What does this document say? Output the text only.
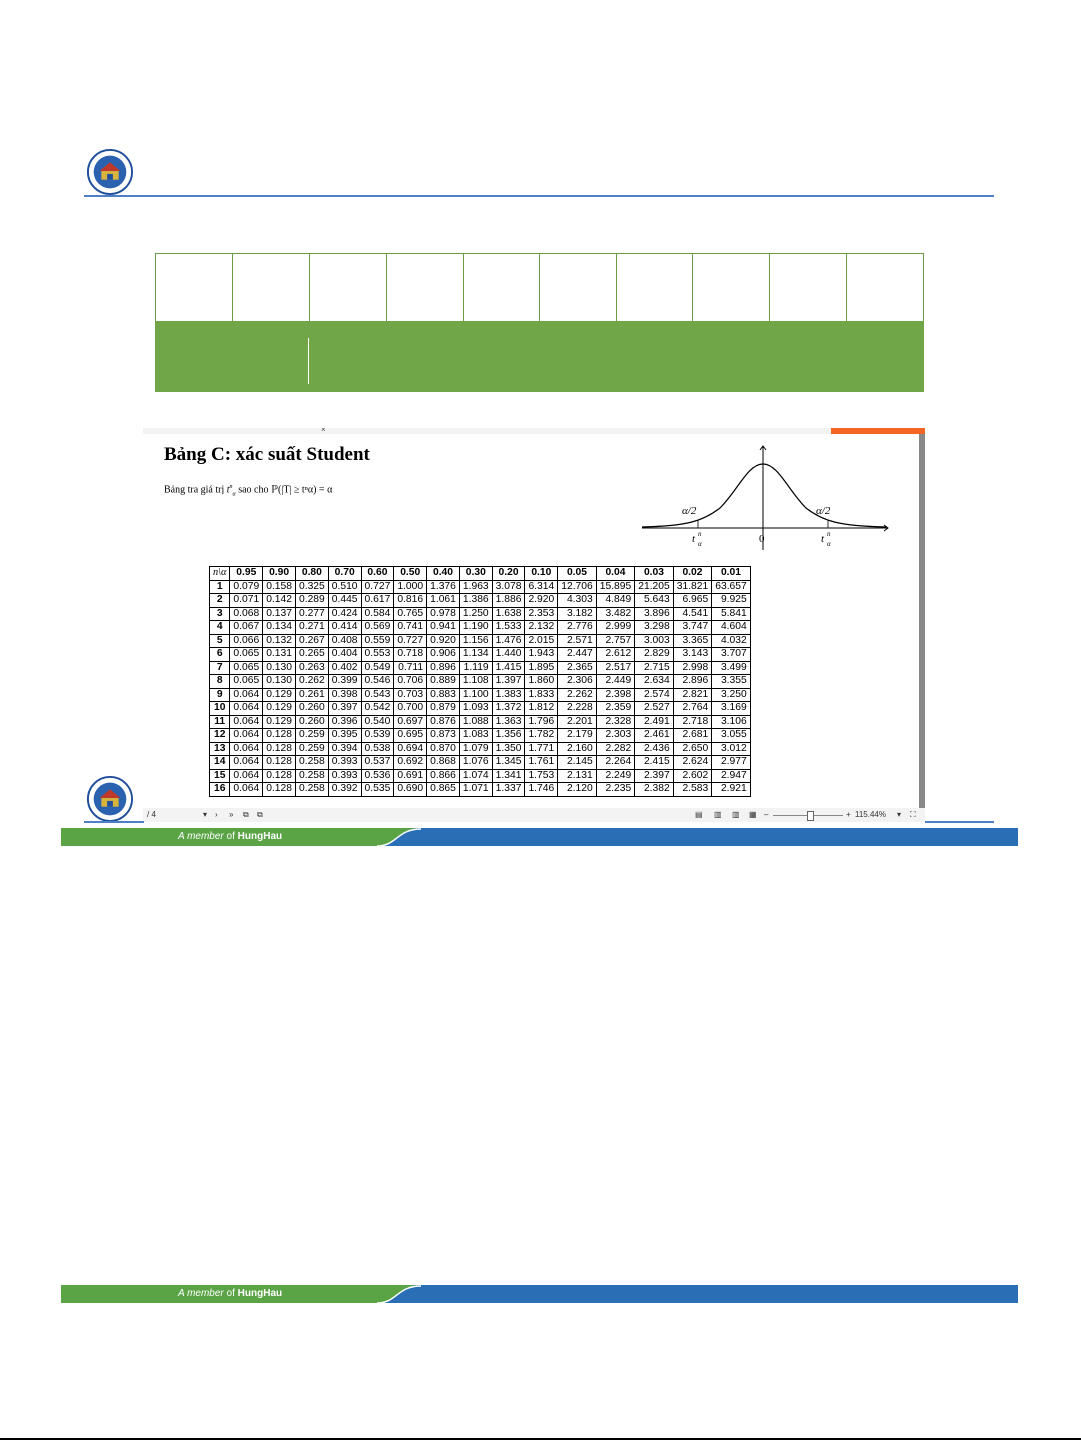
×
Bảng C: xác suất Student
Bảng tra giá trị $t^n_\alpha$ sao cho ℙ(|T| ≥ tⁿα) = α
α/2	α/2
t n
α	0	t n
α
n\α	0.95	0.90	0.80	0.70	0.60	0.50	0.40	0.30	0.20	0.10	0.05	0.04	0.03	0.02	0.01
1	0.079	0.158	0.325	0.510	0.727	1.000	1.376	1.963	3.078	6.314	12.706	15.895	21.205	31.821	63.657
2	0.071	0.142	0.289	0.445	0.617	0.816	1.061	1.386	1.886	2.920	4.303	4.849	5.643	6.965	9.925
3	0.068	0.137	0.277	0.424	0.584	0.765	0.978	1.250	1.638	2.353	3.182	3.482	3.896	4.541	5.841
4	0.067	0.134	0.271	0.414	0.569	0.741	0.941	1.190	1.533	2.132	2.776	2.999	3.298	3.747	4.604
5	0.066	0.132	0.267	0.408	0.559	0.727	0.920	1.156	1.476	2.015	2.571	2.757	3.003	3.365	4.032
6	0.065	0.131	0.265	0.404	0.553	0.718	0.906	1.134	1.440	1.943	2.447	2.612	2.829	3.143	3.707
7	0.065	0.130	0.263	0.402	0.549	0.711	0.896	1.119	1.415	1.895	2.365	2.517	2.715	2.998	3.499
8	0.065	0.130	0.262	0.399	0.546	0.706	0.889	1.108	1.397	1.860	2.306	2.449	2.634	2.896	3.355
9	0.064	0.129	0.261	0.398	0.543	0.703	0.883	1.100	1.383	1.833	2.262	2.398	2.574	2.821	3.250
10	0.064	0.129	0.260	0.397	0.542	0.700	0.879	1.093	1.372	1.812	2.228	2.359	2.527	2.764	3.169
11	0.064	0.129	0.260	0.396	0.540	0.697	0.876	1.088	1.363	1.796	2.201	2.328	2.491	2.718	3.106
12	0.064	0.128	0.259	0.395	0.539	0.695	0.873	1.083	1.356	1.782	2.179	2.303	2.461	2.681	3.055
13	0.064	0.128	0.259	0.394	0.538	0.694	0.870	1.079	1.350	1.771	2.160	2.282	2.436	2.650	3.012
14	0.064	0.128	0.258	0.393	0.537	0.692	0.868	1.076	1.345	1.761	2.145	2.264	2.415	2.624	2.977
15	0.064	0.128	0.258	0.393	0.536	0.691	0.866	1.074	1.341	1.753	2.131	2.249	2.397	2.602	2.947
16	0.064	0.128	0.258	0.392	0.535	0.690	0.865	1.071	1.337	1.746	2.120	2.235	2.382	2.583	2.921
/ 4	▾ › » ⧉ ⧉	▤ ▥ ▥ ▦ –	+ 115.44% ▾ ⛶
A member of HungHau
A member of HungHau
